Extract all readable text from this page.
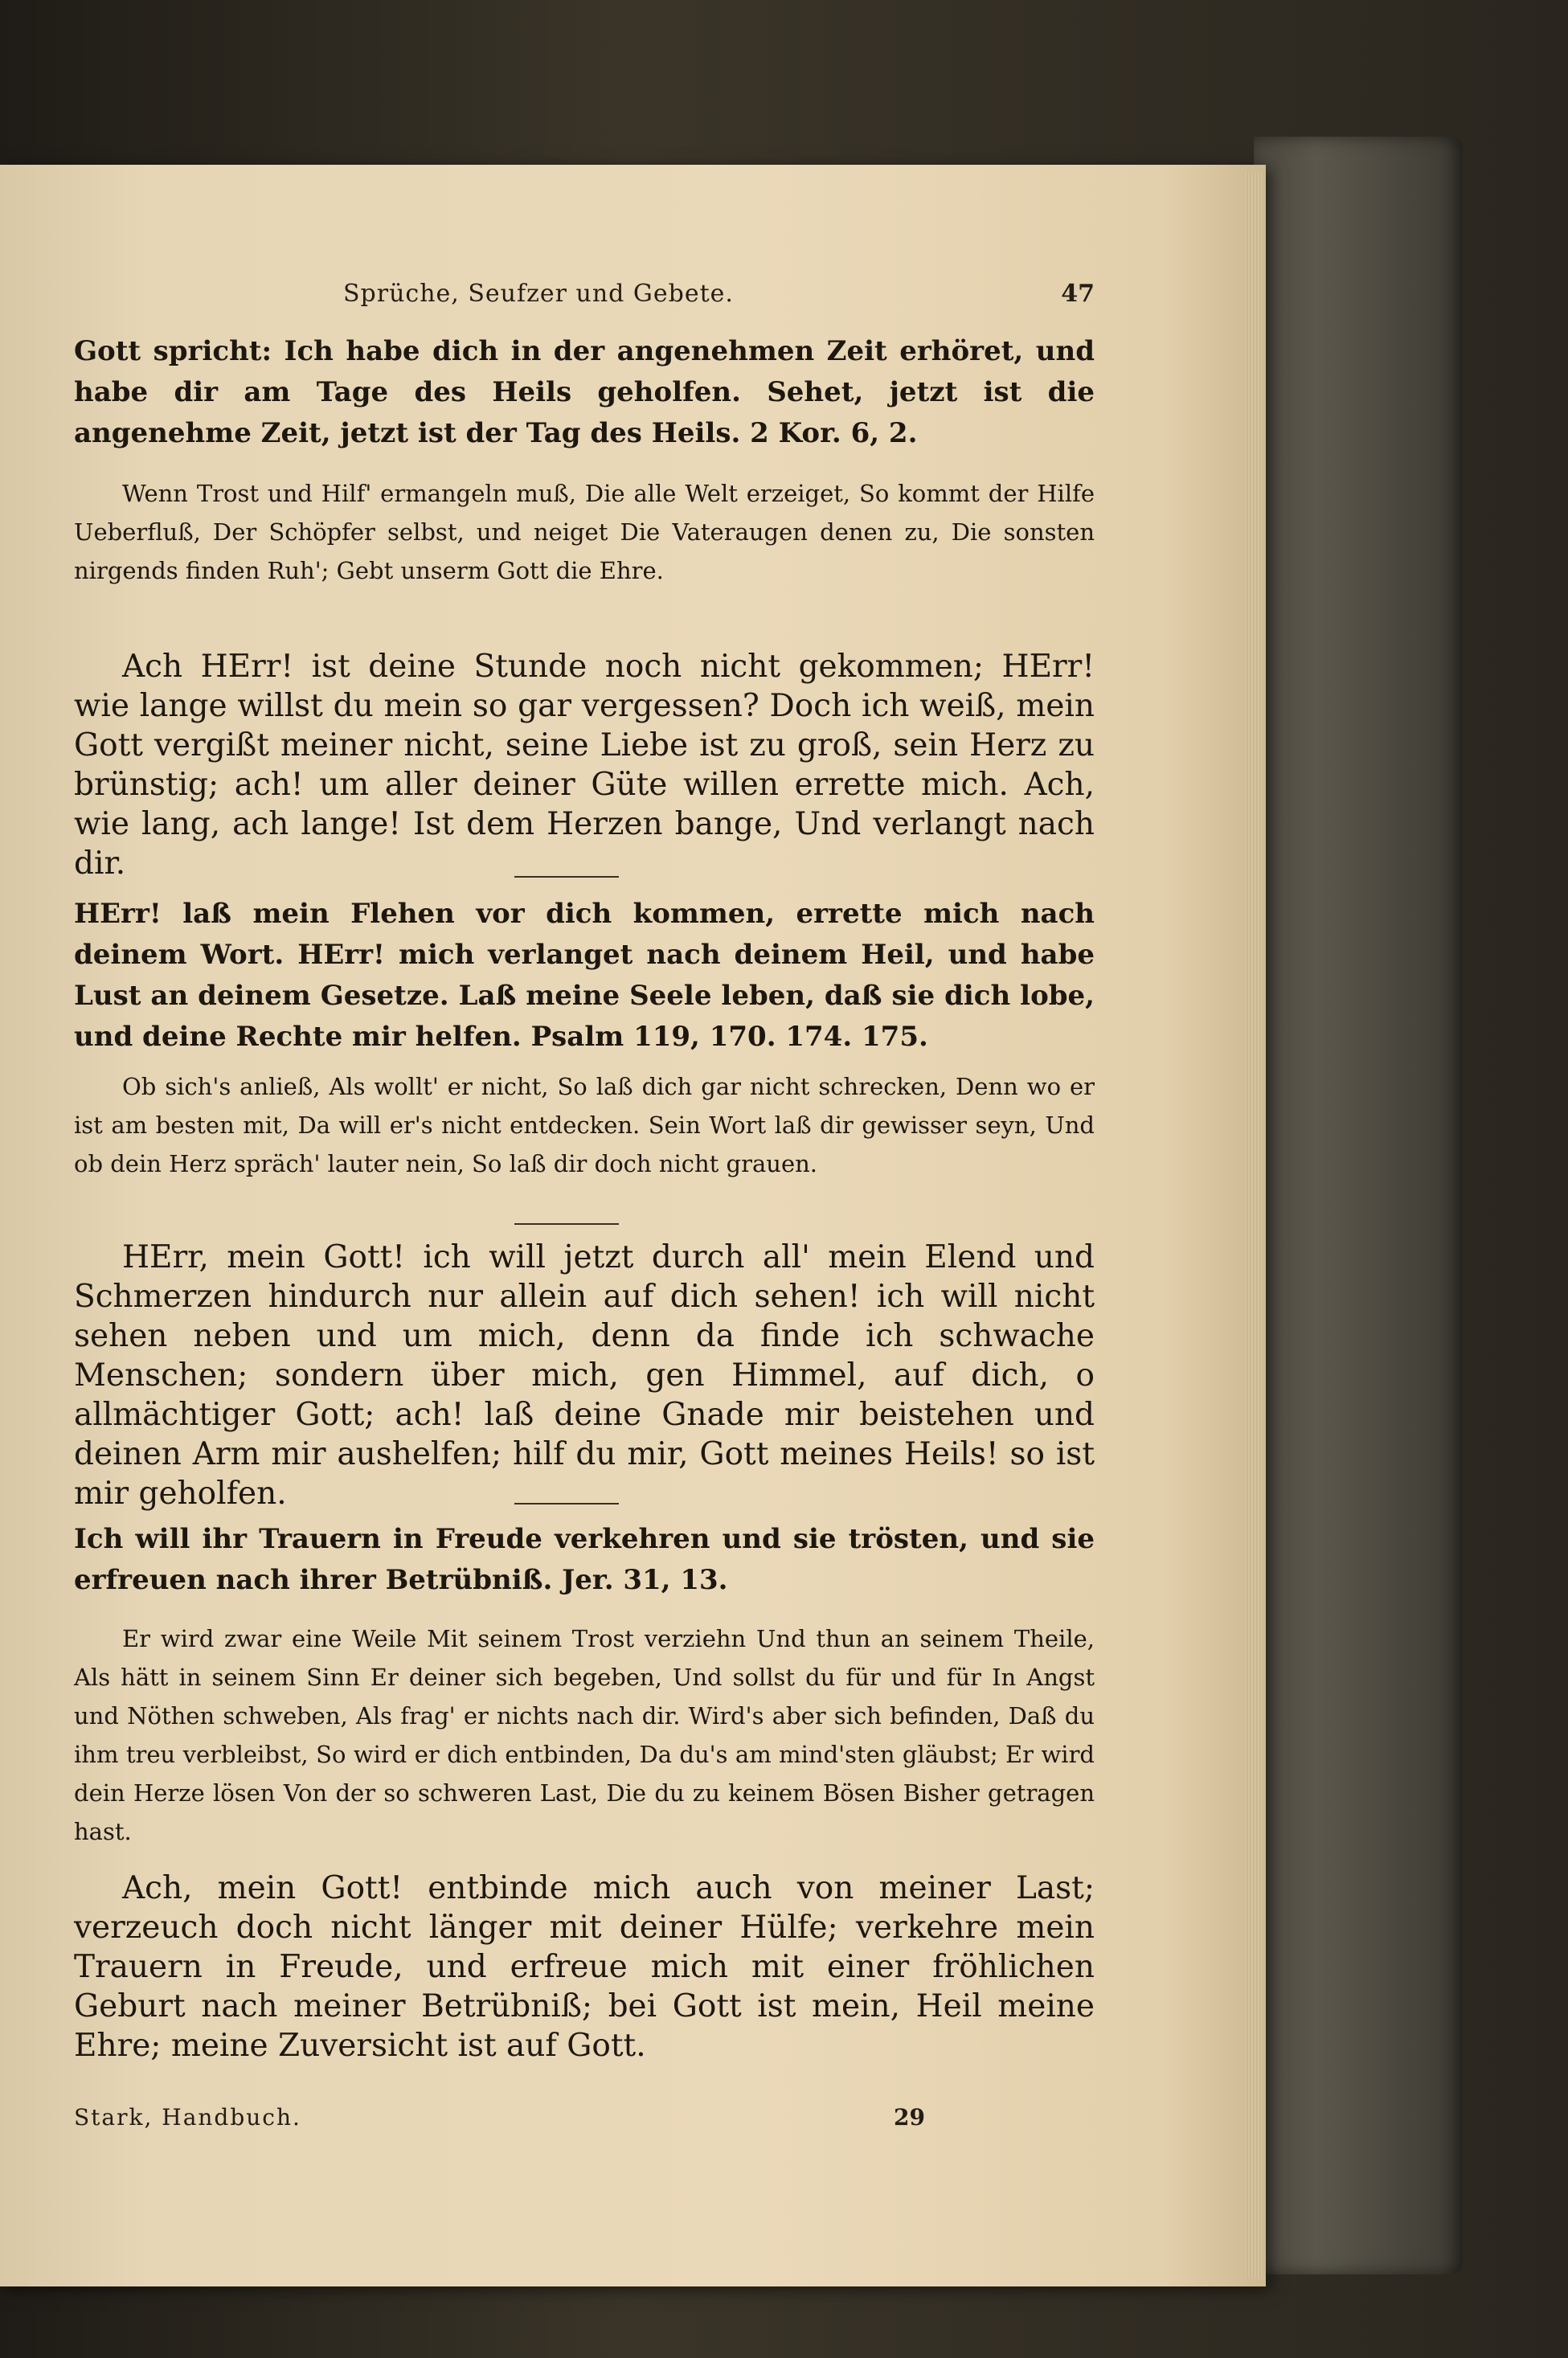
Sprüche, Seufzer und Gebete.	47

Gott spricht: Ich habe dich in der angenehmen Zeit erhöret, und habe dir am Tage des Heils geholfen. Sehet, jetzt ist die angenehme Zeit, jetzt ist der Tag des Heils. 2 Kor. 6, 2.

Wenn Trost und Hilf' ermangeln muß, Die alle Welt erzeiget, So kommt der Hilfe Ueberfluß, Der Schöpfer selbst, und neiget Die Vateraugen denen zu, Die sonsten nirgends finden Ruh'; Gebt unserm Gott die Ehre.

Ach HErr! ist deine Stunde noch nicht gekommen; HErr! wie lange willst du mein so gar vergessen? Doch ich weiß, mein Gott vergißt meiner nicht, seine Liebe ist zu groß, sein Herz zu brünstig; ach! um aller deiner Güte willen errette mich. Ach, wie lang, ach lange! Ist dem Herzen bange, Und verlangt nach dir.

HErr! laß mein Flehen vor dich kommen, errette mich nach deinem Wort. HErr! mich verlanget nach deinem Heil, und habe Lust an deinem Gesetze. Laß meine Seele leben, daß sie dich lobe, und deine Rechte mir helfen. Psalm 119, 170. 174. 175.

Ob sich's anließ, Als wollt' er nicht, So laß dich gar nicht schrecken, Denn wo er ist am besten mit, Da will er's nicht entdecken. Sein Wort laß dir gewisser seyn, Und ob dein Herz spräch' lauter nein, So laß dir doch nicht grauen.

HErr, mein Gott! ich will jetzt durch all' mein Elend und Schmerzen hindurch nur allein auf dich sehen! ich will nicht sehen neben und um mich, denn da finde ich schwache Menschen; sondern über mich, gen Himmel, auf dich, o allmächtiger Gott; ach! laß deine Gnade mir beistehen und deinen Arm mir aushelfen; hilf du mir, Gott meines Heils! so ist mir geholfen.

Ich will ihr Trauern in Freude verkehren und sie trösten, und sie erfreuen nach ihrer Betrübniß. Jer. 31, 13.

Er wird zwar eine Weile Mit seinem Trost verziehn Und thun an seinem Theile, Als hätt in seinem Sinn Er deiner sich begeben, Und sollst du für und für In Angst und Nöthen schweben, Als frag' er nichts nach dir. Wird's aber sich befinden, Daß du ihm treu verbleibst, So wird er dich entbinden, Da du's am mind'sten gläubst; Er wird dein Herze lösen Von der so schweren Last, Die du zu keinem Bösen Bisher getragen hast.

Ach, mein Gott! entbinde mich auch von meiner Last; verzeuch doch nicht länger mit deiner Hülfe; verkehre mein Trauern in Freude, und erfreue mich mit einer fröhlichen Geburt nach meiner Betrübniß; bei Gott ist mein, Heil meine Ehre; meine Zuversicht ist auf Gott.

Stark, Handbuch.	29
